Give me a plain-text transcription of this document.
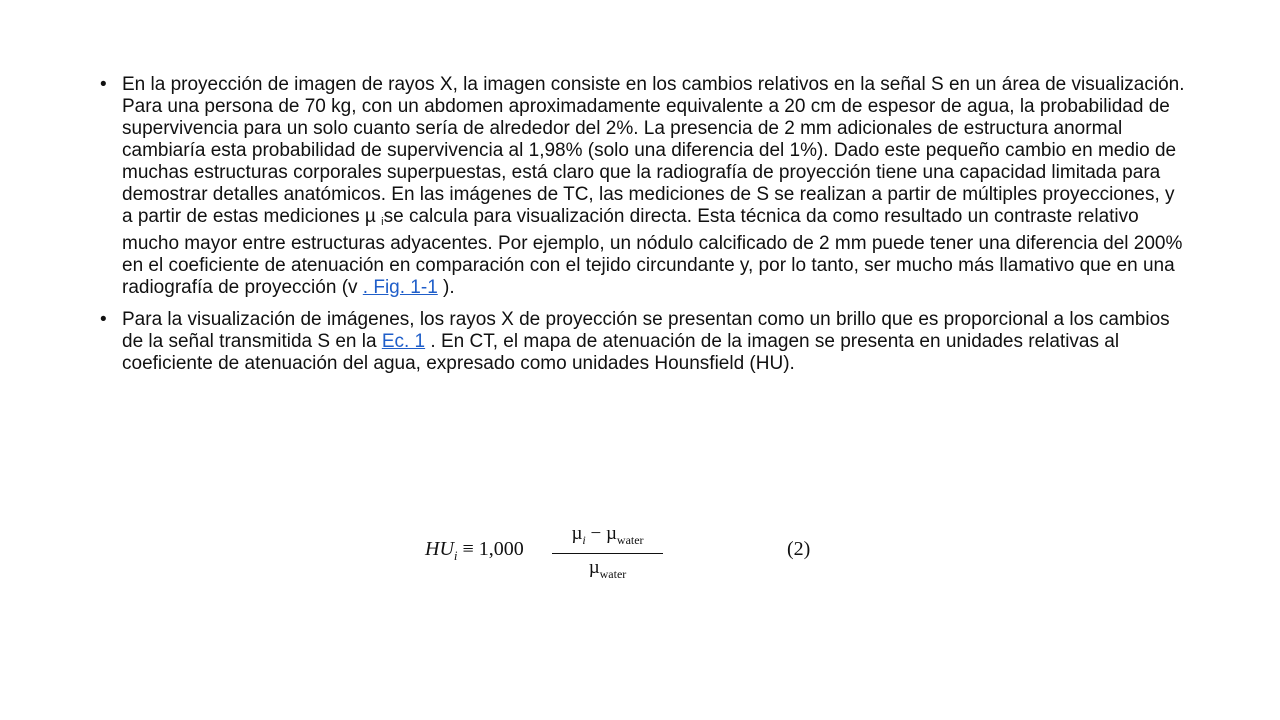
• En la proyección de imagen de rayos X, la imagen consiste en los cambios relativos en la señal S en un área de visualización. Para una persona de 70 kg, con un abdomen aproximadamente equivalente a 20 cm de espesor de agua, la probabilidad de supervivencia para un solo cuanto sería de alrededor del 2%. La presencia de 2 mm adicionales de estructura anormal cambiaría esta probabilidad de supervivencia al 1,98% (solo una diferencia del 1%). Dado este pequeño cambio en medio de muchas estructuras corporales superpuestas, está claro que la radiografía de proyección tiene una capacidad limitada para demostrar detalles anatómicos. En las imágenes de TC, las mediciones de S se realizan a partir de múltiples proyecciones, y a partir de estas mediciones µ ise calcula para visualización directa. Esta técnica da como resultado un contraste relativo mucho mayor entre estructuras adyacentes. Por ejemplo, un nódulo calcificado de 2 mm puede tener una diferencia del 200% en el coeficiente de atenuación en comparación con el tejido circundante y, por lo tanto, ser mucho más llamativo que en una radiografía de proyección (v . Fig. 1-1 ).
• Para la visualización de imágenes, los rayos X de proyección se presentan como un brillo que es proporcional a los cambios de la señal transmitida S en la Ec. 1 . En CT, el mapa de atenuación de la imagen se presenta en unidades relativas al coeficiente de atenuación del agua, expresado como unidades Hounsfield (HU).
$HU_i \equiv 1,000$
µ$_i$ − µ$_{water}$
µ$_{water}$
(2)
